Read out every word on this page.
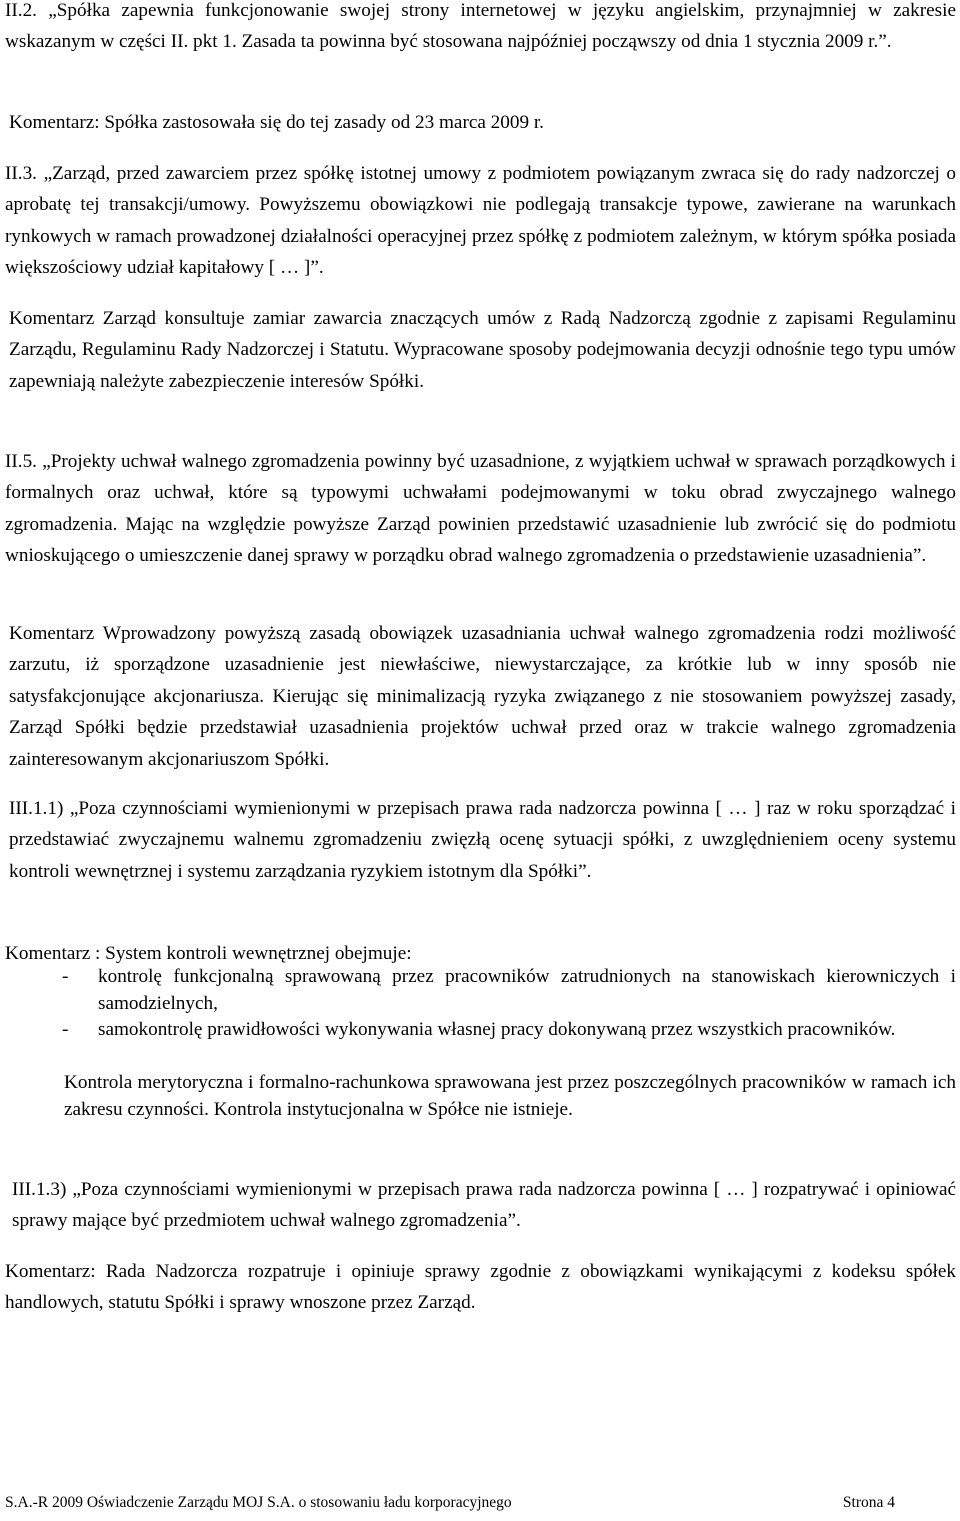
II.2. „Spółka zapewnia funkcjonowanie swojej strony internetowej w języku angielskim, przynajmniej w zakresie wskazanym w części II. pkt 1. Zasada ta powinna być stosowana najpóźniej począwszy od dnia 1 stycznia 2009 r.”.
Komentarz: Spółka zastosowała się do tej zasady od 23 marca 2009 r.
II.3. „Zarząd, przed zawarciem przez spółkę istotnej umowy z podmiotem powiązanym zwraca się do rady nadzorczej o aprobatę tej transakcji/umowy. Powyższemu obowiązkowi nie podlegają transakcje typowe, zawierane na warunkach rynkowych w ramach prowadzonej działalności operacyjnej przez spółkę z podmiotem zależnym, w którym spółka posiada większościowy udział kapitałowy [ … ]”.
Komentarz Zarząd konsultuje zamiar zawarcia znaczących umów z Radą Nadzorczą zgodnie z zapisami Regulaminu Zarządu, Regulaminu Rady Nadzorczej i Statutu. Wypracowane sposoby podejmowania decyzji odnośnie tego typu umów zapewniają należyte zabezpieczenie interesów Spółki.
II.5. „Projekty uchwał walnego zgromadzenia powinny być uzasadnione, z wyjątkiem uchwał w sprawach porządkowych i formalnych oraz uchwał, które są typowymi uchwałami podejmowanymi w toku obrad zwyczajnego walnego zgromadzenia. Mając na względzie powyższe Zarząd powinien przedstawić uzasadnienie lub zwrócić się do podmiotu wnioskującego o umieszczenie danej sprawy w porządku obrad walnego zgromadzenia o przedstawienie uzasadnienia”.
Komentarz Wprowadzony powyższą zasadą obowiązek uzasadniania uchwał walnego zgromadzenia rodzi możliwość zarzutu, iż sporządzone uzasadnienie jest niewłaściwe, niewystarczające, za krótkie lub w inny sposób nie satysfakcjonujące akcjonariusza. Kierując się minimalizacją ryzyka związanego z nie stosowaniem powyższej zasady, Zarząd Spółki będzie przedstawiał uzasadnienia projektów uchwał przed oraz w trakcie walnego zgromadzenia zainteresowanym akcjonariuszom Spółki.
III.1.1) „Poza czynnościami wymienionymi w przepisach prawa rada nadzorcza powinna [ … ] raz w roku sporządzać i przedstawiać zwyczajnemu walnemu zgromadzeniu zwięzłą ocenę sytuacji spółki, z uwzględnieniem oceny systemu kontroli wewnętrznej i systemu zarządzania ryzykiem istotnym dla Spółki”.
Komentarz : System kontroli wewnętrznej obejmuje:
-	kontrolę funkcjonalną sprawowaną przez pracowników zatrudnionych na stanowiskach kierowniczych i samodzielnych,
-	samokontrolę prawidłowości wykonywania własnej pracy dokonywaną przez wszystkich pracowników.
Kontrola merytoryczna i formalno-rachunkowa sprawowana jest przez poszczególnych pracowników w ramach ich zakresu czynności. Kontrola instytucjonalna w Spółce nie istnieje.
III.1.3) „Poza czynnościami wymienionymi w przepisach prawa rada nadzorcza powinna [ … ] rozpatrywać i opiniować sprawy mające być przedmiotem uchwał walnego zgromadzenia”.
Komentarz: Rada Nadzorcza rozpatruje i opiniuje sprawy zgodnie z obowiązkami wynikającymi z kodeksu spółek handlowych, statutu Spółki i sprawy wnoszone przez Zarząd.
S.A.-R 2009 Oświadczenie Zarządu MOJ S.A. o stosowaniu ładu korporacyjnego	Strona 4
